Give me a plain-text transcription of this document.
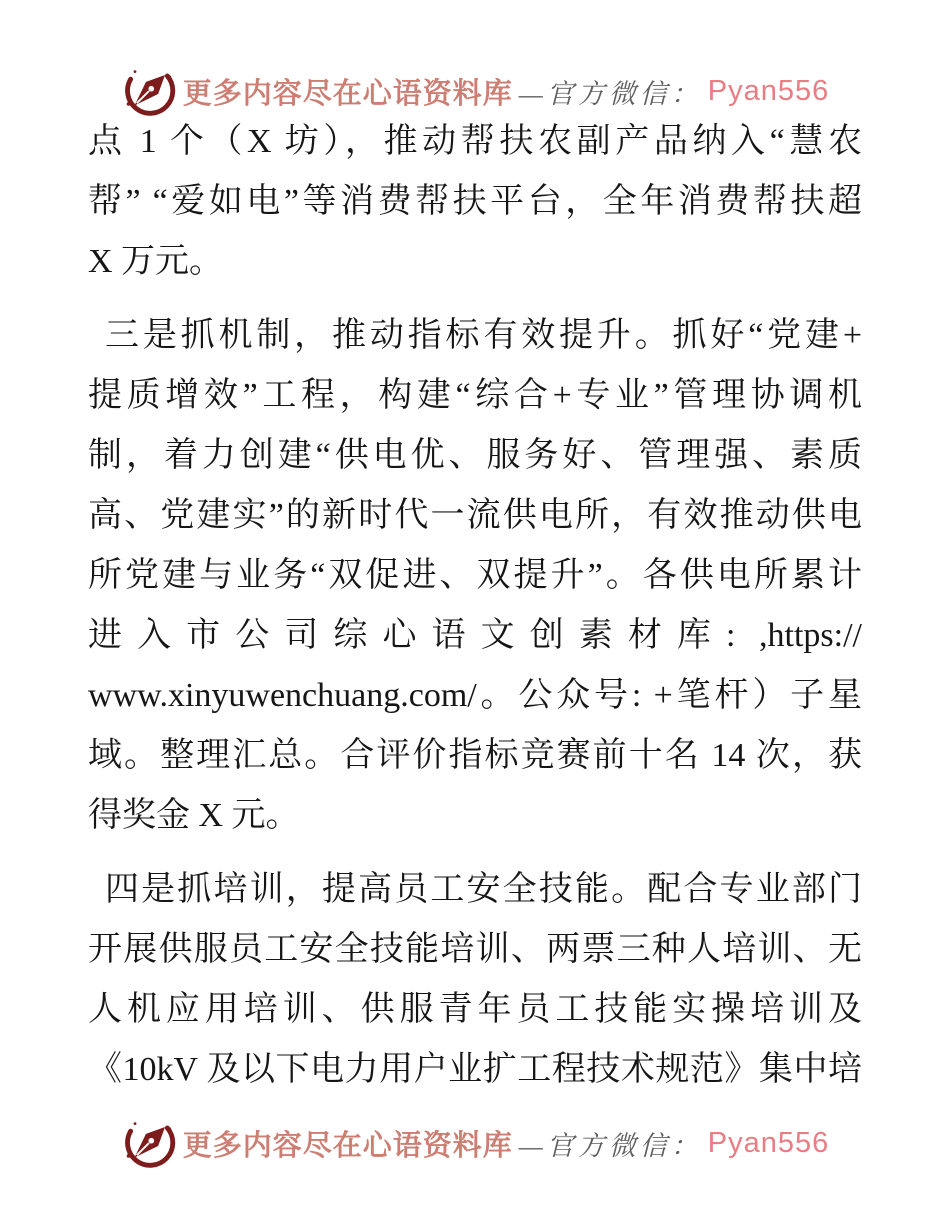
更多内容尽在心语资料库 —官方微信： Pyan556
点 1 个（X 坊），推动帮扶农副产品纳入“慧农
帮” “爱如电”等消费帮扶平台，全年消费帮扶超
X 万元。
三是抓机制，推动指标有效提升。抓好“党建+
提质增效”工程，构建“综合+专业”管理协调机
制，着力创建“供电优、服务好、管理强、素质
高、党建实”的新时代一流供电所，有效推动供电
所党建与业务“双促进、双提升”。各供电所累计
进入市公司综心语文创素材库: ,https://
www.xinyuwenchuang.com/。公众号: +笔杆）子星
域。整理汇总。合评价指标竞赛前十名 14 次，获
得奖金 X 元。
四是抓培训，提高员工安全技能。配合专业部门
开展供服员工安全技能培训、两票三种人培训、无
人机应用培训、供服青年员工技能实操培训及
《10kV 及以下电力用户业扩工程技术规范》集中培
更多内容尽在心语资料库 —官方微信： Pyan556
